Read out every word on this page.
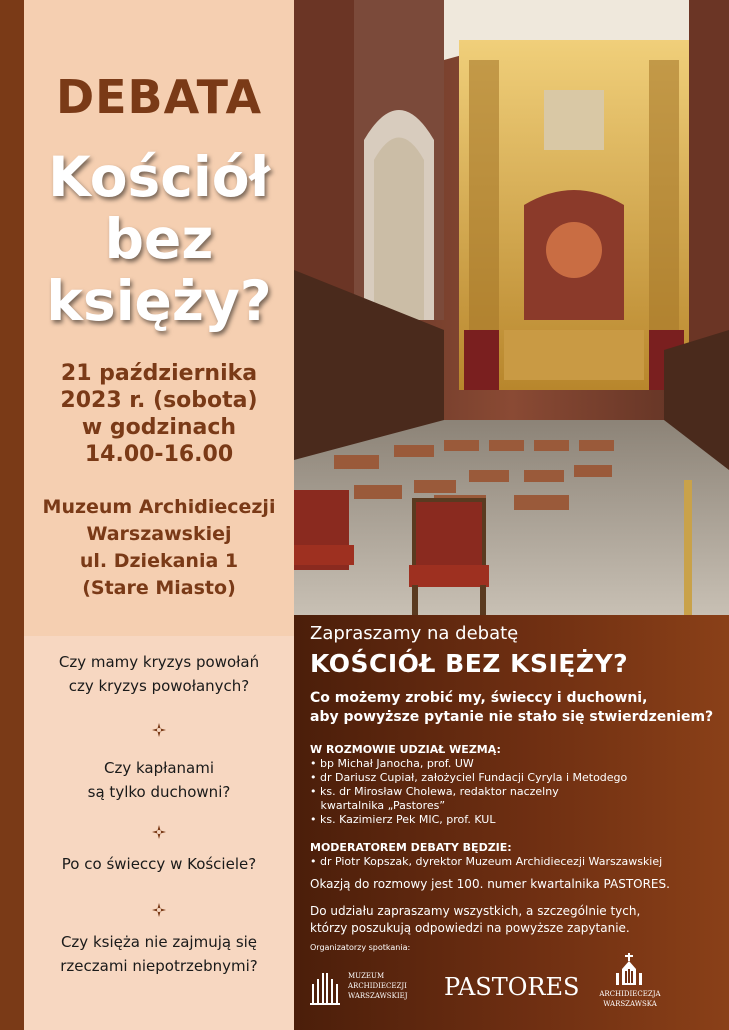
DEBATA
Kościół
bez
księży?
21 października
2023 r. (sobota)
w godzinach
14.00-16.00
Muzeum Archidiecezji
Warszawskiej
ul. Dziekania 1
(Stare Miasto)
Czy mamy kryzys powołań
czy kryzys powołanych?
Czy kapłanami
są tylko duchowni?
Po co świeccy w Kościele?
Czy księża nie zajmują się
rzeczami niepotrzebnymi?
Zapraszamy na debatę
KOŚCIÓŁ BEZ KSIĘŻY?
Co możemy zrobić my, świeccy i duchowni,
aby powyższe pytanie nie stało się stwierdzeniem?
W ROZMOWIE UDZIAŁ WEZMĄ:
• bp Michał Janocha, prof. UW
• dr Dariusz Cupiał, założyciel Fundacji Cyryla i Metodego
• ks. dr Mirosław Cholewa, redaktor naczelny
kwartalnika „Pastores”
• ks. Kazimierz Pek MIC, prof. KUL
MODERATOREM DEBATY BĘDZIE:
• dr Piotr Kopszak, dyrektor Muzeum Archidiecezji Warszawskiej
Okazją do rozmowy jest 100. numer kwartalnika PASTORES.
Do udziału zapraszamy wszystkich, a szczególnie tych,
którzy poszukują odpowiedzi na powyższe zapytanie.
Organizatorzy spotkania:
MUZEUM
ARCHIDIECEZJI
WARSZAWSKIEJ PASTORES	ARCHIDIECEZJA
WARSZAWSKA
